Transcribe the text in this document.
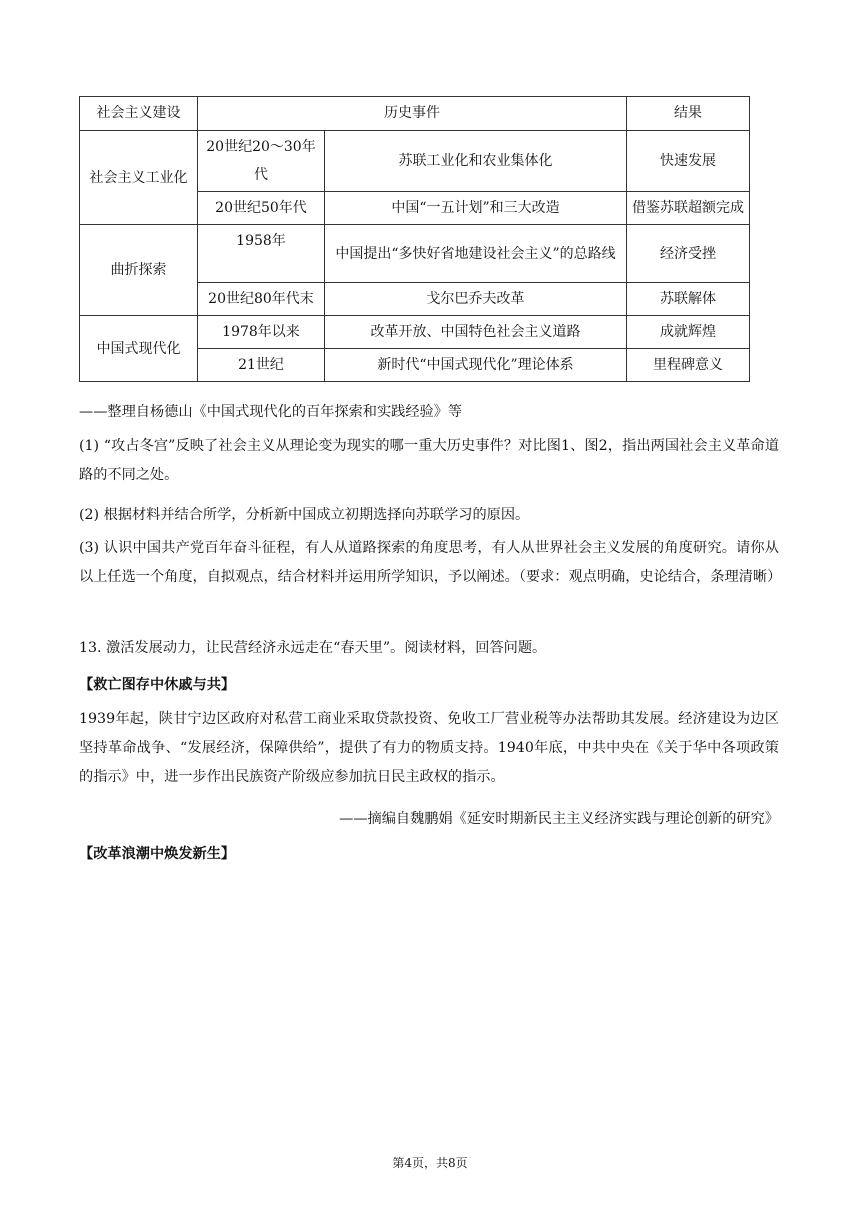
社会主义建设	历史事件		结果
社会主义工业化	20世纪20～30年代	苏联工业化和农业集体化	快速发展
	20世纪50年代	中国“一五计划”和三大改造	借鉴苏联超额完成
曲折探索	1958年	中国提出“多快好省地建设社会主义”的总路线	经济受挫
	20世纪80年代末	戈尔巴乔夫改革	苏联解体
中国式现代化	1978年以来	改革开放、中国特色社会主义道路	成就辉煌
	21世纪	新时代“中国式现代化”理论体系	里程碑意义
——整理自杨德山《中国式现代化的百年探索和实践经验》等
(1) “攻占冬宫”反映了社会主义从理论变为现实的哪一重大历史事件？对比图1、图2，指出两国社会主义革命道路的不同之处。
(2) 根据材料并结合所学，分析新中国成立初期选择向苏联学习的原因。
(3) 认识中国共产党百年奋斗征程，有人从道路探索的角度思考，有人从世界社会主义发展的角度研究。请你从以上任选一个角度，自拟观点，结合材料并运用所学知识，予以阐述。（要求：观点明确，史论结合，条理清晰）
13. 激活发展动力，让民营经济永远走在“春天里”。阅读材料，回答问题。
【救亡图存中休戚与共】
1939年起，陕甘宁边区政府对私营工商业采取贷款投资、免收工厂营业税等办法帮助其发展。经济建设为边区坚持革命战争、“发展经济，保障供给”，提供了有力的物质支持。1940年底，中共中央在《关于华中各项政策的指示》中，进一步作出民族资产阶级应参加抗日民主政权的指示。
——摘编自魏鹏娟《延安时期新民主主义经济实践与理论创新的研究》
【改革浪潮中焕发新生】
第4页，共8页
